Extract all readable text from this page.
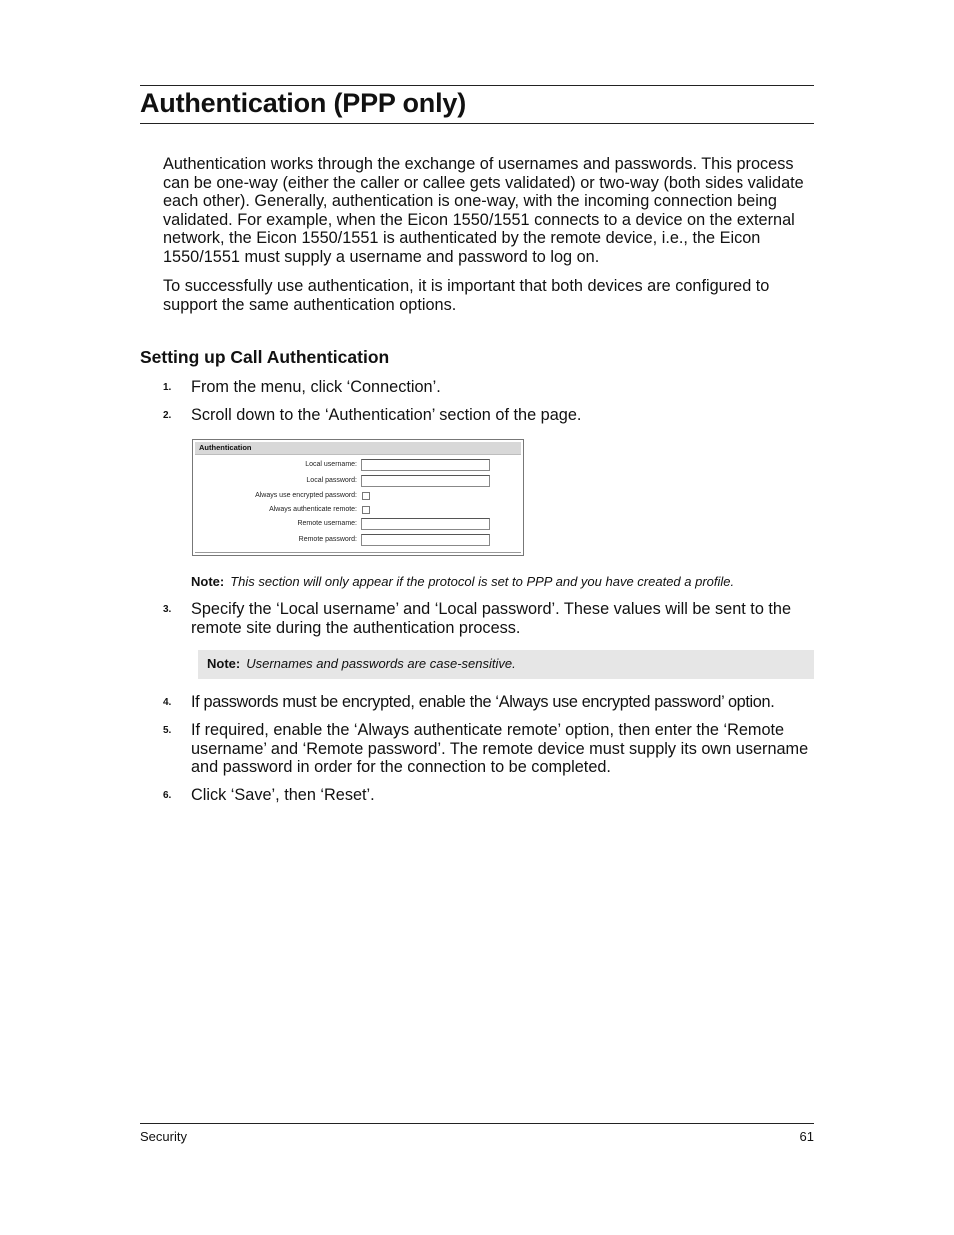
Authentication (PPP only)

Authentication works through the exchange of usernames and passwords. This process can be one-way (either the caller or callee gets validated) or two-way (both sides validate each other). Generally, authentication is one-way, with the incoming connection being validated. For example, when the Eicon 1550/1551 connects to a device on the external network, the Eicon 1550/1551 is authenticated by the remote device, i.e., the Eicon 1550/1551 must supply a username and password to log on.

To successfully use authentication, it is important that both devices are configured to support the same authentication options.

Setting up Call Authentication
1. From the menu, click ‘Connection’.
2. Scroll down to the ‘Authentication’ section of the page.
Authentication
Local username:
Local password:
Always use encrypted password:
Always authenticate remote:
Remote username:
Remote password:
Note: This section will only appear if the protocol is set to PPP and you have created a profile.
3. Specify the ‘Local username’ and ‘Local password’. These values will be sent to the remote site during the authentication process.
Note: Usernames and passwords are case-sensitive.
4. If passwords must be encrypted, enable the ‘Always use encrypted password’ option.
5. If required, enable the ‘Always authenticate remote’ option, then enter the ‘Remote username’ and ‘Remote password’. The remote device must supply its own username and password in order for the connection to be completed.
6. Click ‘Save’, then ‘Reset’.
Security	61
